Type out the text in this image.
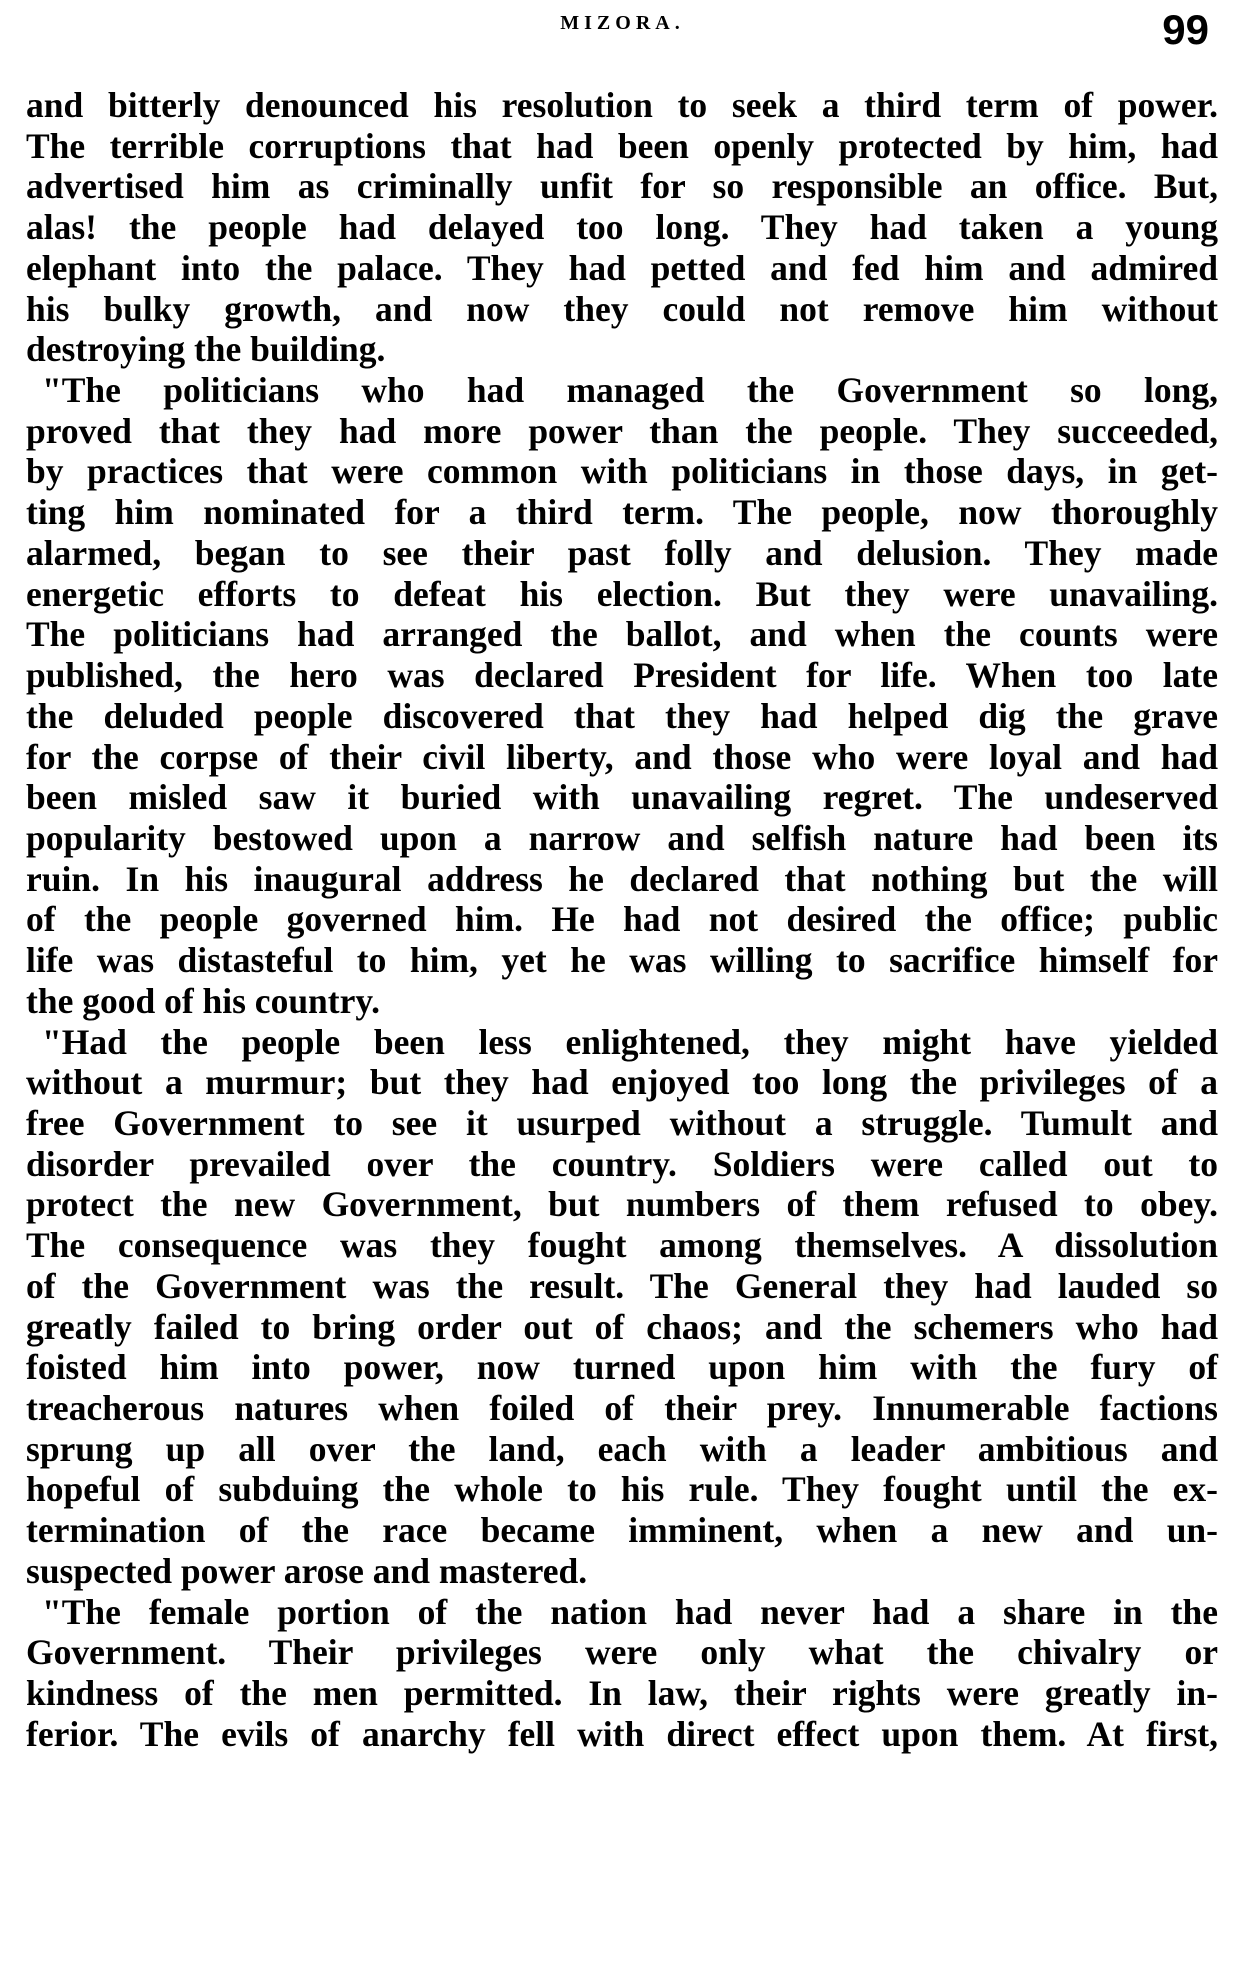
MIZORA.	99
and bitterly denounced his resolution to seek a third term of power.
The terrible corruptions that had been openly protected by him, had
advertised him as criminally unfit for so responsible an office. But,
alas! the people had delayed too long. They had taken a young
elephant into the palace. They had petted and fed him and admired
his bulky growth, and now they could not remove him without
destroying the building.
"The politicians who had managed the Government so long,
proved that they had more power than the people. They succeeded,
by practices that were common with politicians in those days, in get-
ting him nominated for a third term. The people, now thoroughly
alarmed, began to see their past folly and delusion. They made
energetic efforts to defeat his election. But they were unavailing.
The politicians had arranged the ballot, and when the counts were
published, the hero was declared President for life. When too late
the deluded people discovered that they had helped dig the grave
for the corpse of their civil liberty, and those who were loyal and had
been misled saw it buried with unavailing regret. The undeserved
popularity bestowed upon a narrow and selfish nature had been its
ruin. In his inaugural address he declared that nothing but the will
of the people governed him. He had not desired the office; public
life was distasteful to him, yet he was willing to sacrifice himself for
the good of his country.
"Had the people been less enlightened, they might have yielded
without a murmur; but they had enjoyed too long the privileges of a
free Government to see it usurped without a struggle. Tumult and
disorder prevailed over the country. Soldiers were called out to
protect the new Government, but numbers of them refused to obey.
The consequence was they fought among themselves. A dissolution
of the Government was the result. The General they had lauded so
greatly failed to bring order out of chaos; and the schemers who had
foisted him into power, now turned upon him with the fury of
treacherous natures when foiled of their prey. Innumerable factions
sprung up all over the land, each with a leader ambitious and
hopeful of subduing the whole to his rule. They fought until the ex-
termination of the race became imminent, when a new and un-
suspected power arose and mastered.
"The female portion of the nation had never had a share in the
Government. Their privileges were only what the chivalry or
kindness of the men permitted. In law, their rights were greatly in-
ferior. The evils of anarchy fell with direct effect upon them. At first,
